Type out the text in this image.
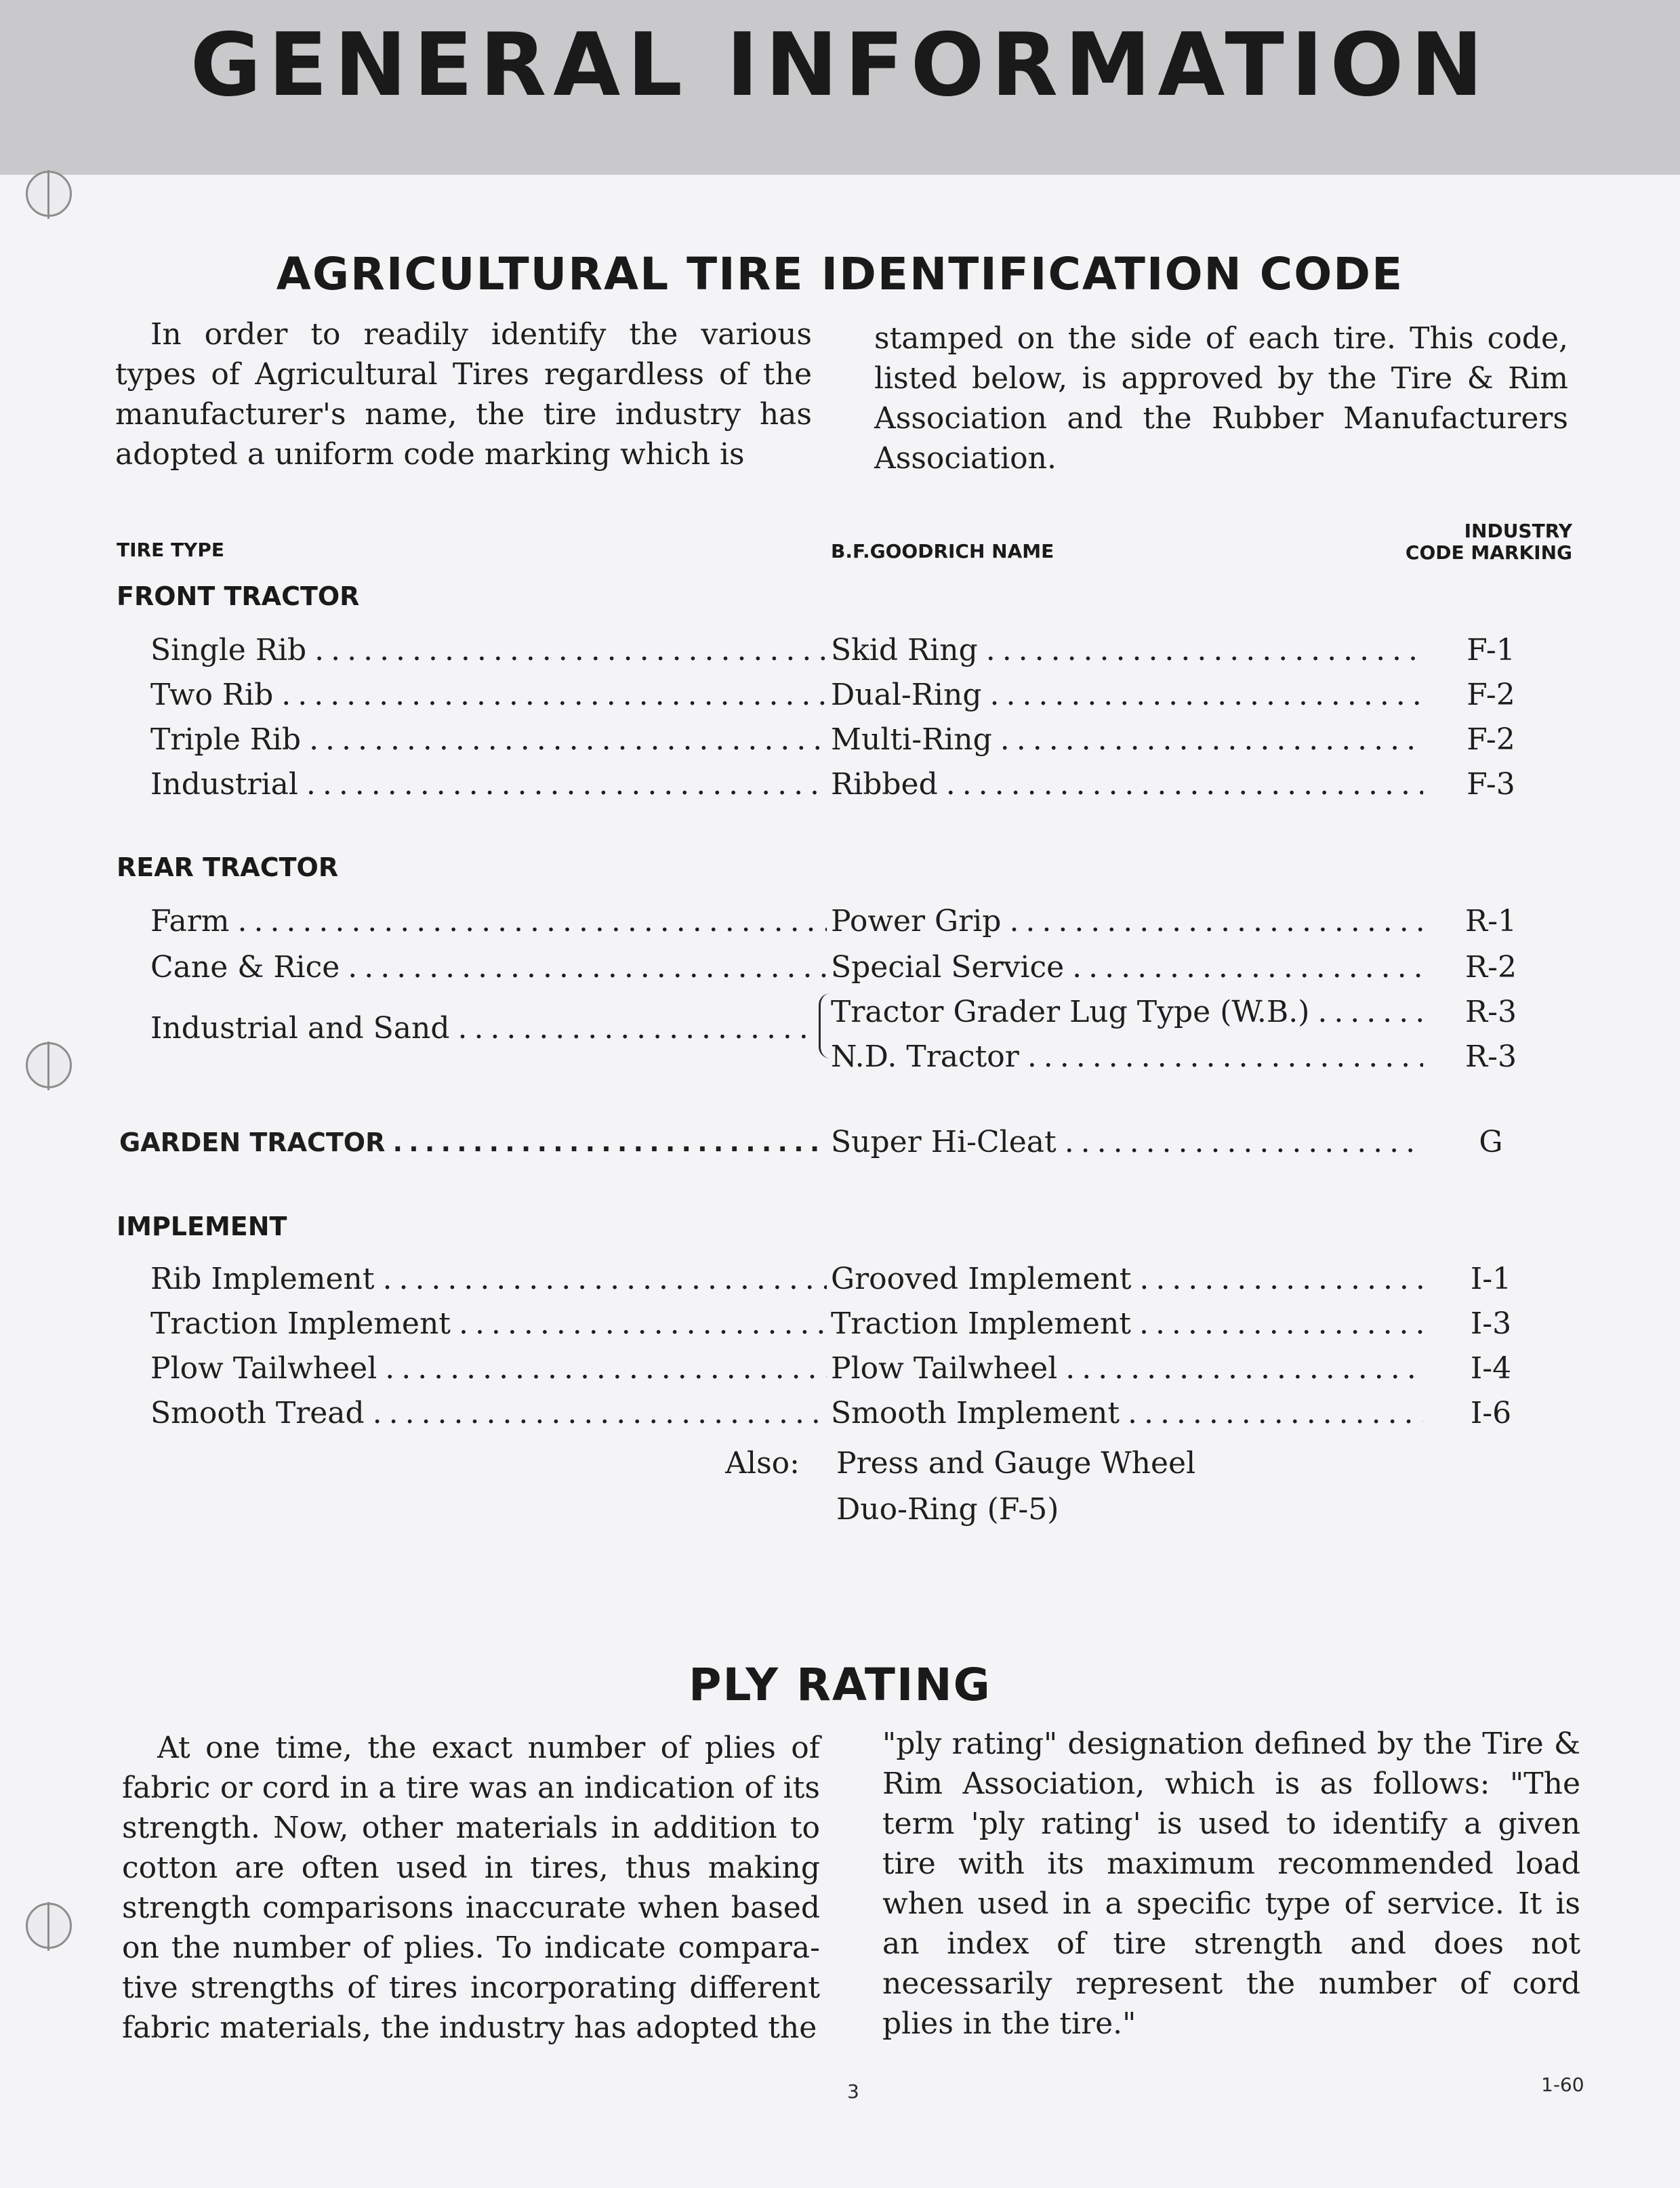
GENERAL INFORMATION
AGRICULTURAL TIRE IDENTIFICATION CODE

In order to readily identify the various types of Agricultural Tires regardless of the manufacturer's name, the tire industry has adopted a uniform code marking which is

stamped on the side of each tire. This code, listed below, is approved by the Tire & Rim Association and the Rubber Manufacturers Association.

TIRE TYPE	B.F.GOODRICH NAME
INDUSTRY
CODE MARKING
FRONT TRACTOR
Single Rib . . .	Skid Ring . . .	F-1
Two Rib . . .	Dual-Ring . . .	F-2
Triple Rib . . .	Multi-Ring . . .	F-2
Industrial . . .	Ribbed . . .	F-3
REAR TRACTOR
Farm . . .	Power Grip . . .	R-1
Cane & Rice . . .	Special Service . . .	R-2
Industrial and Sand . . .	Tractor Grader Lug Type (W.B.) . . .	R-3
N.D. Tractor . . .	R-3
GARDEN TRACTOR . . .	Super Hi-Cleat . . .	G
IMPLEMENT
Rib Implement . . .	Grooved Implement . . .	I-1
Traction Implement . . .	Traction Implement . . .	I-3
Plow Tailwheel . . .	Plow Tailwheel . . .	I-4
Smooth Tread . . .	Smooth Implement . . .	I-6
Also: Press and Gauge Wheel
Duo-Ring (F-5)
PLY RATING

At one time, the exact number of plies of fabric or cord in a tire was an indication of its strength. Now, other materials in addition to cotton are often used in tires, thus making strength comparisons inaccurate when based on the number of plies. To indicate compara-tive strengths of tires incorporating different fabric materials, the industry has adopted the

"ply rating" designation defined by the Tire & Rim Association, which is as follows: "The term 'ply rating' is used to identify a given tire with its maximum recommended load when used in a specific type of service. It is an index of tire strength and does not necessarily represent the number of cord plies in the tire."

3	1-60
